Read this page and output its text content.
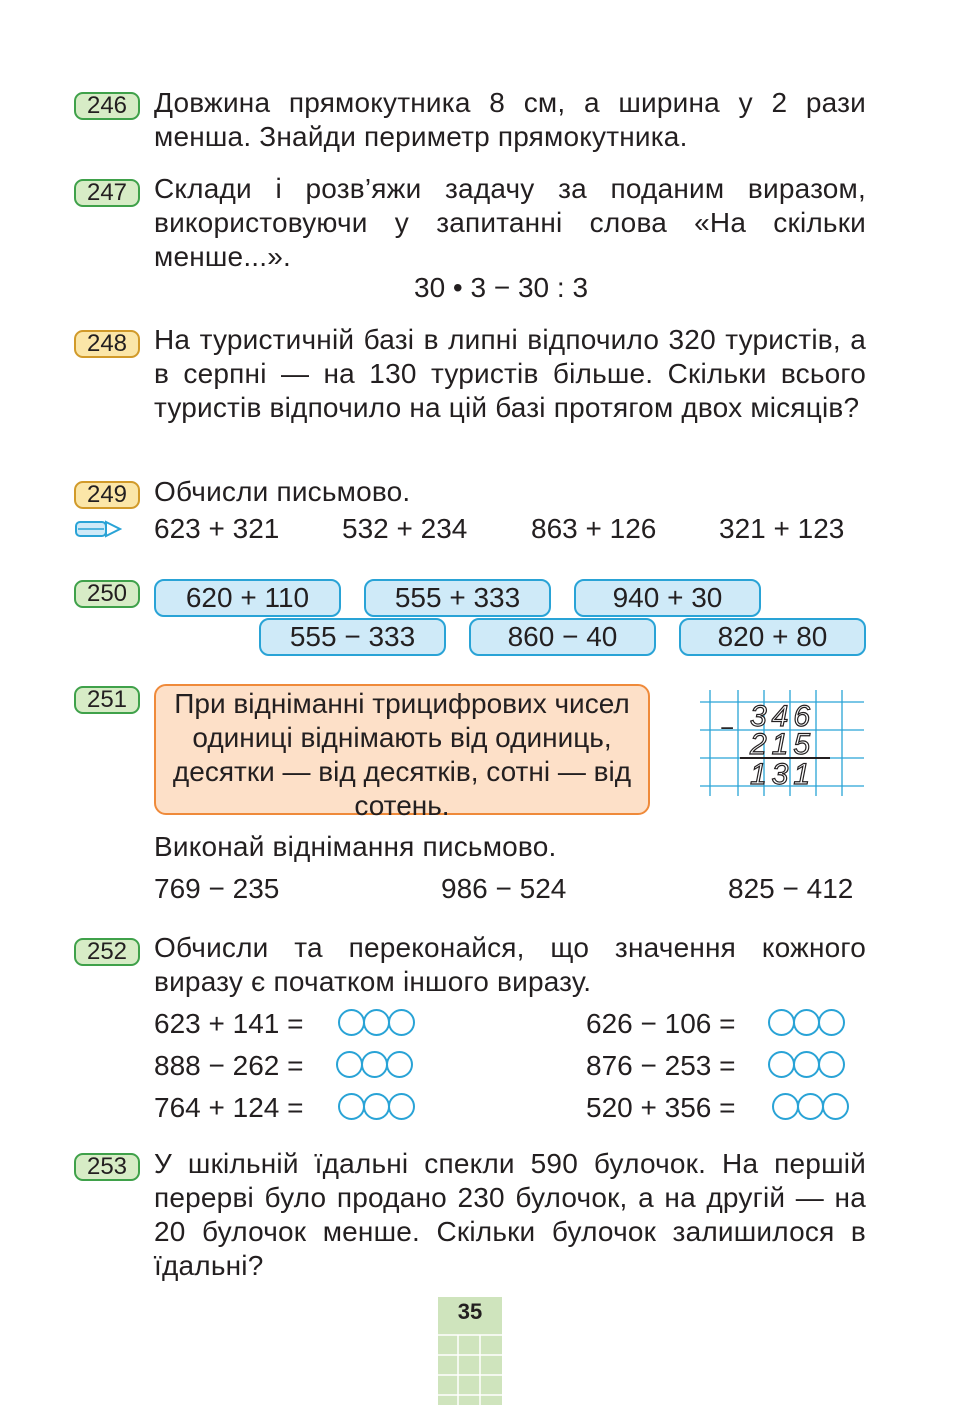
246 Довжина прямокутника 8 см, а ширина у 2 рази менша. Знайди периметр прямокутника.

247 Склади і розв’яжи задачу за поданим виразом, використовуючи у запитанні слова «На скільки менше...».

30 • 3 − 30 : 3
248 На туристичній базі в липні відпочило 320 туристів, а в серпні — на 130 туристів більше. Скільки всього туристів відпочило на цій базі протягом двох місяців?

249 Обчисли письмово.

623 + 321 532 + 234 863 + 126 321 + 123
250	620 + 110	555 + 333	940 + 30
555 − 333	860 − 40	820 + 80
251	При відніманні трицифрових чисел одиниці віднімають від одиниць, десятки — від десятків, сотні — від сотень.
− 346
215
131

Виконай віднімання письмово.

769 − 235	986 − 524	825 − 412
252 Обчисли та переконайся, що значення кожного виразу є початком іншого виразу.

623 + 141 =
888 − 262 =
764 + 124 =
626 − 106 =
876 − 253 =
520 + 356 =
253 У шкільній їдальні спекли 590 булочок. На першій перерві було продано 230 булочок, а на другій — на 20 булочок менше. Скільки булочок залишилося в їдальні?

35
